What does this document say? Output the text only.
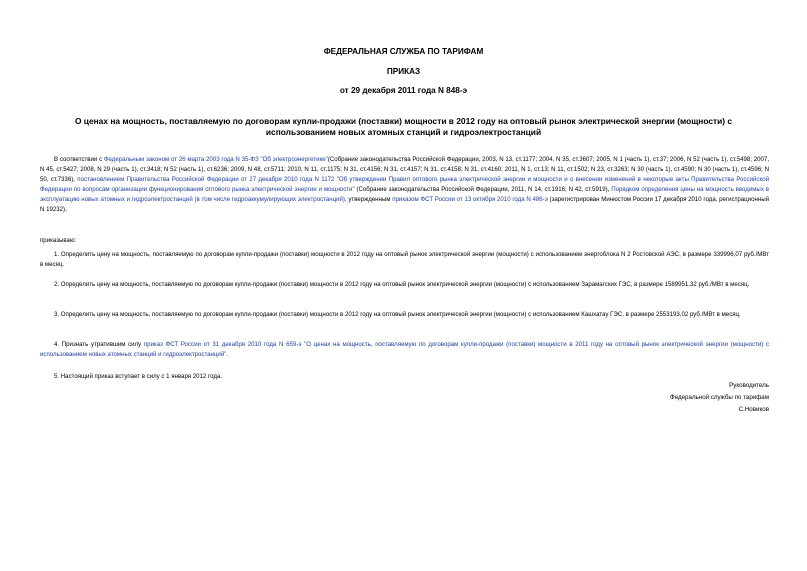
ФЕДЕРАЛЬНАЯ СЛУЖБА ПО ТАРИФАМ
ПРИКАЗ
от 29 декабря 2011 года N 848-э
О ценах на мощность, поставляемую по договорам купли-продажи (поставки) мощности в 2012 году на оптовый рынок электрической энергии (мощности) с использованием новых атомных станций и гидроэлектростанций
В соответствии с Федеральным законом от 26 марта 2003 года N 35-ФЗ "Об электроэнергетике"(Собрание законодательства Российской Федерации, 2003, N 13, ст.1177; 2004, N 35, ст.3607; 2005, N 1 (часть 1), ст.37; 2006, N 52 (часть 1), ст.5498; 2007, N 45, ст.5427; 2008, N 29 (часть 1), ст.3418; N 52 (часть 1), ст.6236; 2009, N 48, ст.5711; 2010, N 11, ст.1175; N 31, ст.4156; N 31, ст.4157; N 31, ст.4158; N 31, ст.4160; 2011, N 1, ст.13; N 11, ст.1502; N 23, ст.3263; N 30 (часть 1), ст.4590; N 30 (часть 1), ст.4596; N 50, ст.7336), постановлением Правительства Российской Федерации от 27 декабря 2010 года N 1172 "Об утверждении Правил оптового рынка электрической энергии и мощности и о внесении изменений в некоторые акты Правительства Российской Федерации по вопросам организации функционирования оптового рынка электрической энергии и мощности" (Собрание законодательства Российской Федерации, 2011, N 14, ст.1916; N 42, ст.5919), Порядком определения цены на мощность вводимых в эксплуатацию новых атомных и гидроэлектростанций (в том числе гидроаккумулирующих электростанций), утвержденным приказом ФСТ России от 13 октября 2010 года N 486-э (зарегистрирован Минюстом России 17 декабря 2010 года, регистрационный N 19232),
приказываю:
1. Определить цену на мощность, поставляемую по договорам купли-продажи (поставки) мощности в 2012 году на оптовый рынок электрической энергии (мощности) с использованием энергоблока N 2 Ростовской АЭС, в размере 339996,07 руб./МВт в месяц.
2. Определить цену на мощность, поставляемую по договорам купли-продажи (поставки) мощности в 2012 году на оптовый рынок электрической энергии (мощности) с использованием Зарамагских ГЭС, в размере 1589951,32 руб./МВт в месяц.
3. Определить цену на мощность, поставляемую по договорам купли-продажи (поставки) мощности в 2012 году на оптовый рынок электрической энергии (мощности) с использованием Кашхатау ГЭС, в размере 2553193,02 руб./МВт в месяц.
4. Признать утратившим силу приказ ФСТ России от 31 декабря 2010 года N 659-э "О ценах на мощность, поставляемую по договорам купли-продажи (поставки) мощности в 2011 году на оптовый рынок электрической энергии (мощности) с использованием новых атомных станций и гидроэлектростанций".
5. Настоящий приказ вступает в силу с 1 января 2012 года.
Руководитель
Федеральной службы по тарифам
С.Новиков
